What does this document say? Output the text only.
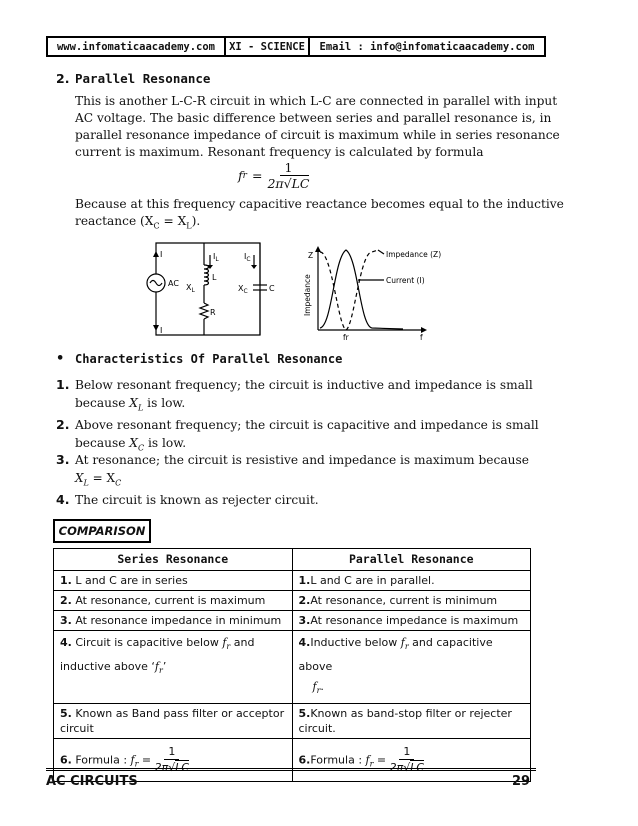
www.infomaticaacademy.com	XI - SCIENCE	Email : info@infomaticaacademy.com
2. Parallel Resonance
This is another L-C-R circuit in which L-C are connected in parallel with input
AC voltage. The basic difference between series and parallel resonance is, in
parallel resonance impedance of circuit is maximum while in series resonance
current is maximum. Resonant frequency is calculated by formula
f $r = \frac{1}{2\pi√LC}$
Because at this frequency capacitive reactance becomes equal to the inductive
reactance $(X_C = X_L)$.
I
AC
I
$I_L$	$I_C$
L
$X_L$	$X_C$	C
R
Z
Impedance
Impedance (Z)
Current (I)
fr	f
• Characteristics Of Parallel Resonance
1. Below resonant frequency; the circuit is inductive and impedance is small
because $X_L$ is low.
2. Above resonant frequency; the circuit is capacitive and impedance is small
because $X_C$ is low.
3. At resonance; the circuit is resistive and impedance is maximum because
$X_L = X_C$
4. The circuit is known as rejecter circuit.
COMPARISON
Series Resonance	Parallel Resonance
1. L and C are in series	1.L and C are in parallel.
2. At resonance, current is maximum	2.At resonance, current is minimum
3. At resonance impedance in minimum	3.At resonance impedance is maximum
4. Circuit is capacitive below $f_r$ and inductive above ‘$f_r$’	4.Inductive below $f_r$ and capacitive above
$f_r$.
5. Known as Band pass filter or acceptor circuit	5.Known as band-stop filter or rejecter circuit.
6. Formula : $f_r = \frac{1}{2\pi√LC}$	6.Formula : $f_r = \frac{1}{2\pi√LC}$
AC CIRCUITS	29
